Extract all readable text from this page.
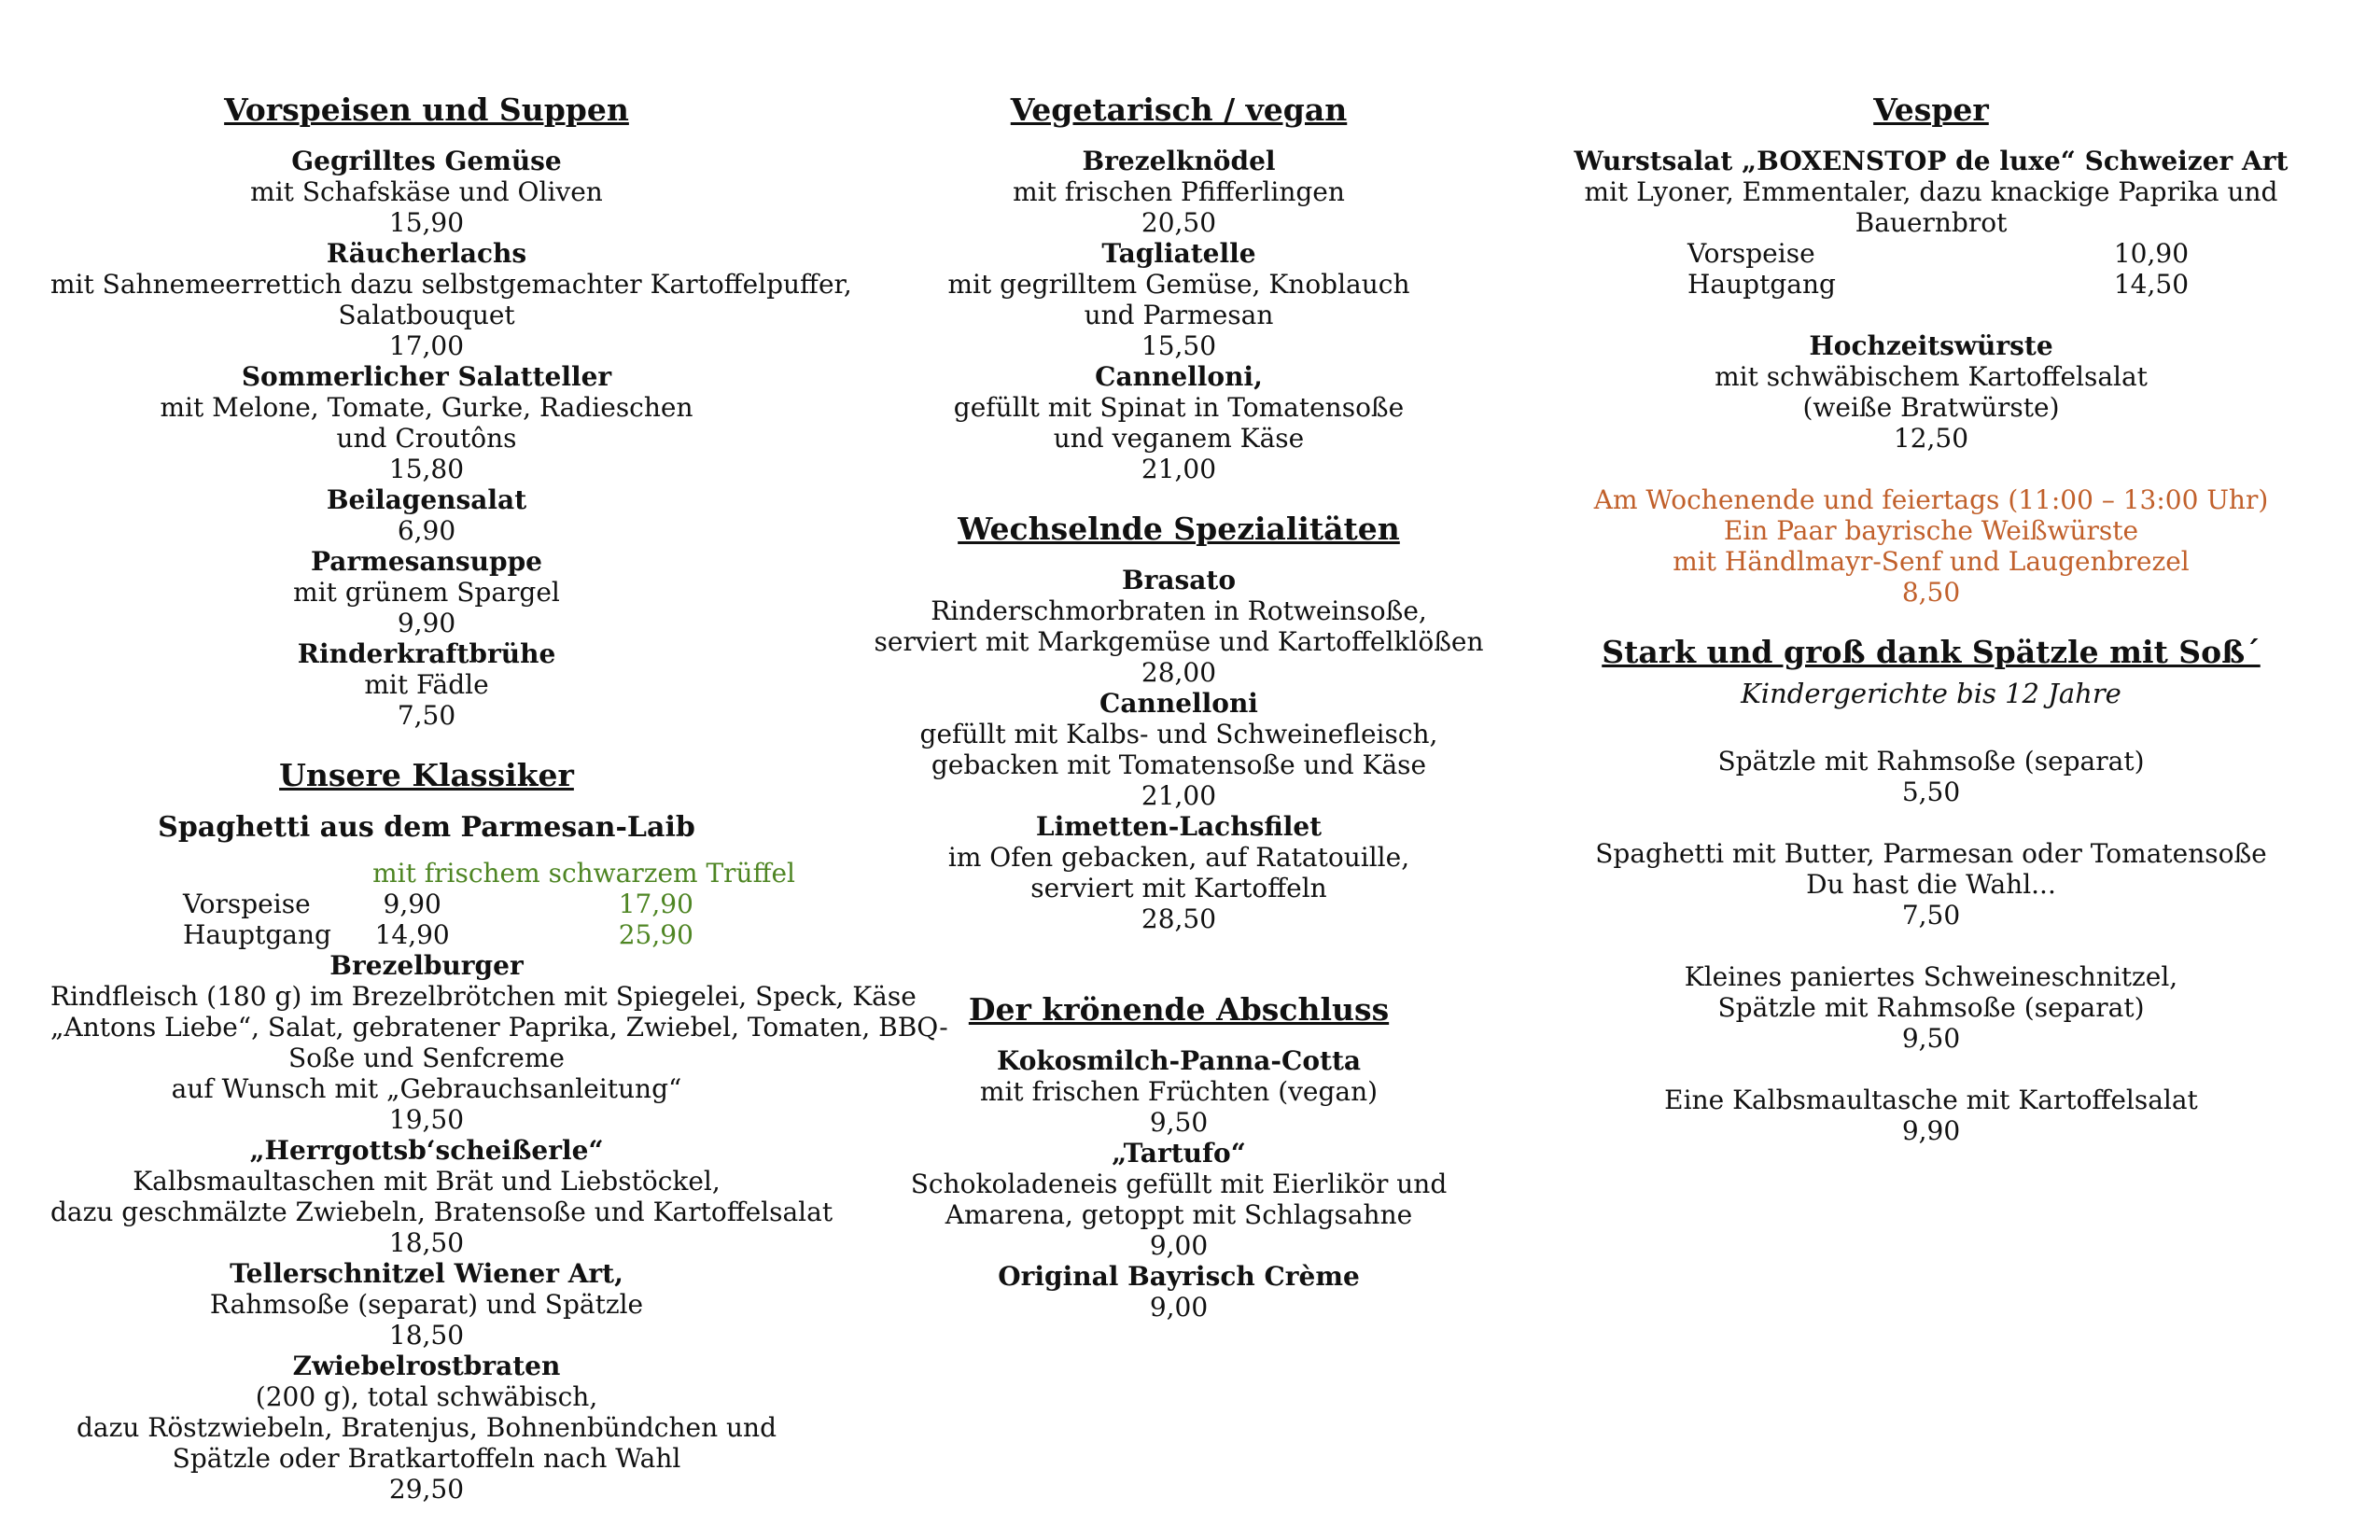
Vorspeisen und Suppen
Gegrilltes Gemüse
mit Schafskäse und Oliven
15,90
Räucherlachs
mit Sahnemeerrettich dazu selbstgemachter Kartoffelpuffer,
Salatbouquet
17,00
Sommerlicher Salatteller
mit Melone, Tomate, Gurke, Radieschen
und Croutôns
15,80
Beilagensalat
6,90
Parmesansuppe
mit grünem Spargel
9,90
Rinderkraftbrühe
mit Fädle
7,50
Unsere Klassiker
Spaghetti aus dem Parmesan-Laib
mit frischem schwarzem Trüffel
Vorspeise	9,90	17,90
Hauptgang	14,90	25,90
Brezelburger
Rindfleisch (180 g) im Brezelbrötchen mit Spiegelei, Speck, Käse
„Antons Liebe“, Salat, gebratener Paprika, Zwiebel, Tomaten, BBQ-
Soße und Senfcreme
auf Wunsch mit „Gebrauchsanleitung“
19,50
„Herrgottsb‘scheißerle“
Kalbsmaultaschen mit Brät und Liebstöckel,
dazu geschmälzte Zwiebeln, Bratensoße und Kartoffelsalat
18,50
Tellerschnitzel Wiener Art,
Rahmsoße (separat) und Spätzle
18,50
Zwiebelrostbraten
(200 g), total schwäbisch,
dazu Röstzwiebeln, Bratenjus, Bohnenbündchen und
Spätzle oder Bratkartoffeln nach Wahl
29,50
Vegetarisch / vegan
Brezelknödel
mit frischen Pfifferlingen
20,50
Tagliatelle
mit gegrilltem Gemüse, Knoblauch
und Parmesan
15,50
Cannelloni,
gefüllt mit Spinat in Tomatensoße
und veganem Käse
21,00
Wechselnde Spezialitäten
Brasato
Rinderschmorbraten in Rotweinsoße,
serviert mit Markgemüse und Kartoffelklößen
28,00
Cannelloni
gefüllt mit Kalbs- und Schweinefleisch,
gebacken mit Tomatensoße und Käse
21,00
Limetten-Lachsfilet
im Ofen gebacken, auf Ratatouille,
serviert mit Kartoffeln
28,50
Der krönende Abschluss
Kokosmilch-Panna-Cotta
mit frischen Früchten (vegan)
9,50
„Tartufo“
Schokoladeneis gefüllt mit Eierlikör und
Amarena, getoppt mit Schlagsahne
9,00
Original Bayrisch Crème
9,00
Vesper
Wurstsalat „BOXENSTOP de luxe“ Schweizer Art
mit Lyoner, Emmentaler, dazu knackige Paprika und
Bauernbrot
Vorspeise	10,90
Hauptgang	14,50
Hochzeitswürste
mit schwäbischem Kartoffelsalat
(weiße Bratwürste)
12,50
Am Wochenende und feiertags (11:00 – 13:00 Uhr)
Ein Paar bayrische Weißwürste
mit Händlmayr-Senf und Laugenbrezel
8,50
Stark und groß dank Spätzle mit Soß´
Kindergerichte bis 12 Jahre
Spätzle mit Rahmsoße (separat)
5,50
Spaghetti mit Butter, Parmesan oder Tomatensoße
Du hast die Wahl...
7,50
Kleines paniertes Schweineschnitzel,
Spätzle mit Rahmsoße (separat)
9,50
Eine Kalbsmaultasche mit Kartoffelsalat
9,90
